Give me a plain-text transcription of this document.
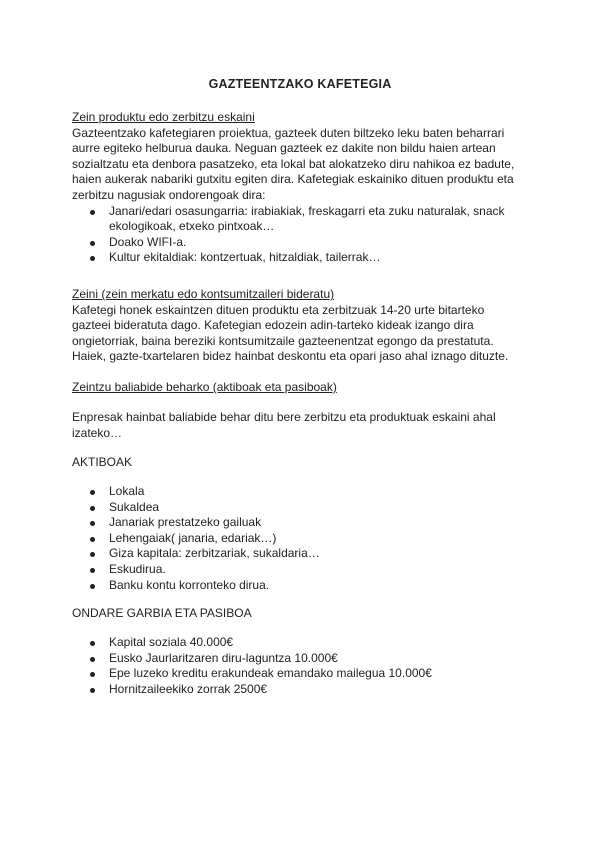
GAZTEENTZAKO KAFETEGIA

Zein produktu edo zerbitzu eskaini

Gazteentzako kafetegiaren proiektua, gazteek duten biltzeko leku baten beharrari

aurre egiteko helburua dauka. Neguan gazteek ez dakite non bildu haien artean

sozialtzatu eta denbora pasatzeko, eta lokal bat alokatzeko diru nahikoa ez badute,

haien aukerak nabariki gutxitu egiten dira. Kafetegiak eskainiko dituen produktu eta

zerbitzu nagusiak ondorengoak dira:

Janari/edari osasungarria: irabiakiak, freskagarri eta zuku naturalak, snack
ekologikoak, etxeko pintxoak…
Doako WIFI-a.
Kultur ekitaldiak: kontzertuak, hitzaldiak, tailerrak…

Zeini (zein merkatu edo kontsumitzaileri bideratu)

Kafetegi honek eskaintzen dituen produktu eta zerbitzuak 14-20 urte bitarteko

gazteei bideratuta dago. Kafetegian edozein adin-tarteko kideak izango dira

ongietorriak, baina bereziki kontsumitzaile gazteenentzat egongo da prestatuta.

Haiek, gazte-txartelaren bidez hainbat deskontu eta opari jaso ahal iznago dituzte.

Zeintzu baliabide beharko (aktiboak eta pasiboak)

Enpresak hainbat baliabide behar ditu bere zerbitzu eta produktuak eskaini ahal

izateko…

AKTIBOAK

Lokala
Sukaldea
Janariak prestatzeko gailuak
Lehengaiak( janaria, edariak…)
Giza kapitala: zerbitzariak, sukaldaria…
Eskudirua.
Banku kontu korronteko dirua.

ONDARE GARBIA ETA PASIBOA

Kapital soziala 40.000€
Eusko Jaurlaritzaren diru-laguntza 10.000€
Epe luzeko kreditu erakundeak emandako mailegua 10.000€
Hornitzaileekiko zorrak 2500€
